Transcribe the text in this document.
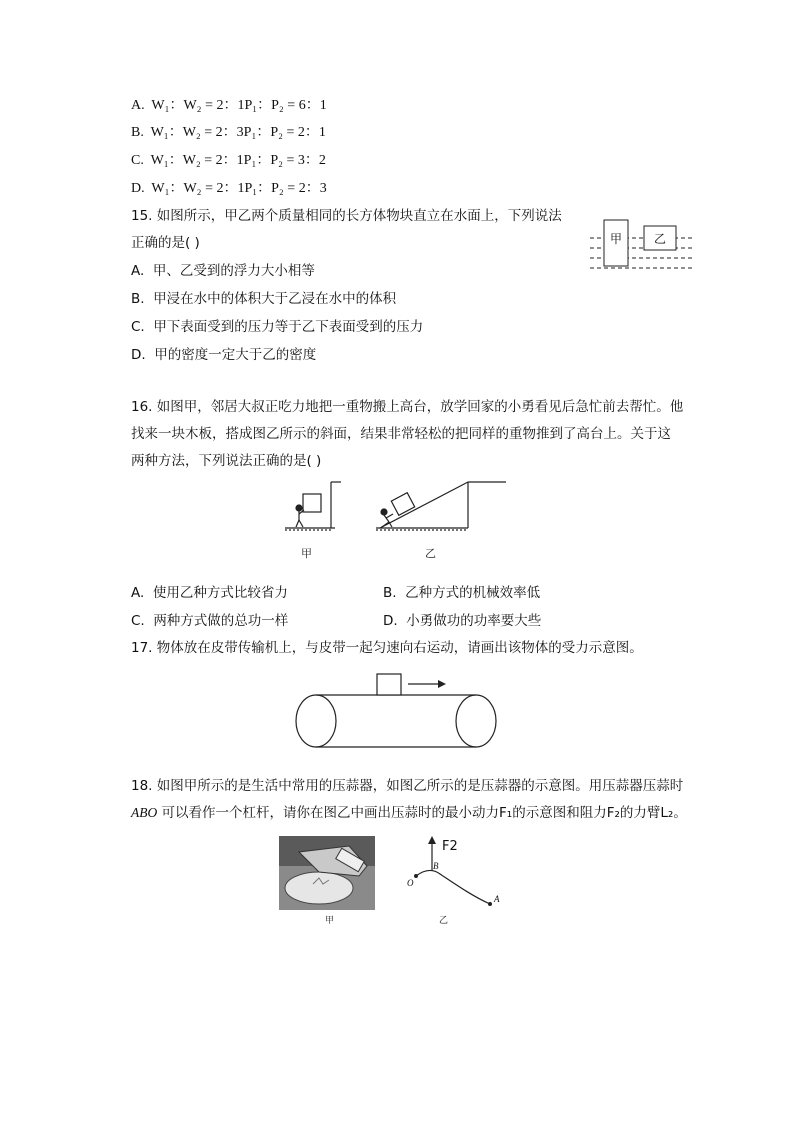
A. W₁：W₂ = 2：1P₁：P₂ = 6：1
B. W₁：W₂ = 2：3P₁：P₂ = 2：1
C. W₁：W₂ = 2：1P₁：P₂ = 3：2
D. W₁：W₂ = 2：1P₁：P₂ = 2：3
15. 如图所示，甲乙两个质量相同的长方体物块直立在水面上，下列说法
正确的是( )	甲	乙
A. 甲、乙受到的浮力大小相等
B. 甲浸在水中的体积大于乙浸在水中的体积
C. 甲下表面受到的压力等于乙下表面受到的压力
D. 甲的密度一定大于乙的密度
16. 如图甲，邻居大叔正吃力地把一重物搬上高台，放学回家的小勇看见后急忙前去帮忙。他
找来一块木板，搭成图乙所示的斜面，结果非常轻松的把同样的重物推到了高台上。关于这
两种方法，下列说法正确的是( )
甲	乙
A. 使用乙种方式比较省力	B. 乙种方式的机械效率低
C. 两种方式做的总功一样	D. 小勇做功的功率要大些
17. 物体放在皮带传输机上，与皮带一起匀速向右运动，请画出该物体的受力示意图。
18. 如图甲所示的是生活中常用的压蒜器，如图乙所示的是压蒜器的示意图。用压蒜器压蒜时
ABO 可以看作一个杠杆，请你在图乙中画出压蒜时的最小动力F₁的示意图和阻力F₂的力臂L₂。
甲
F2
B
O
A
乙
